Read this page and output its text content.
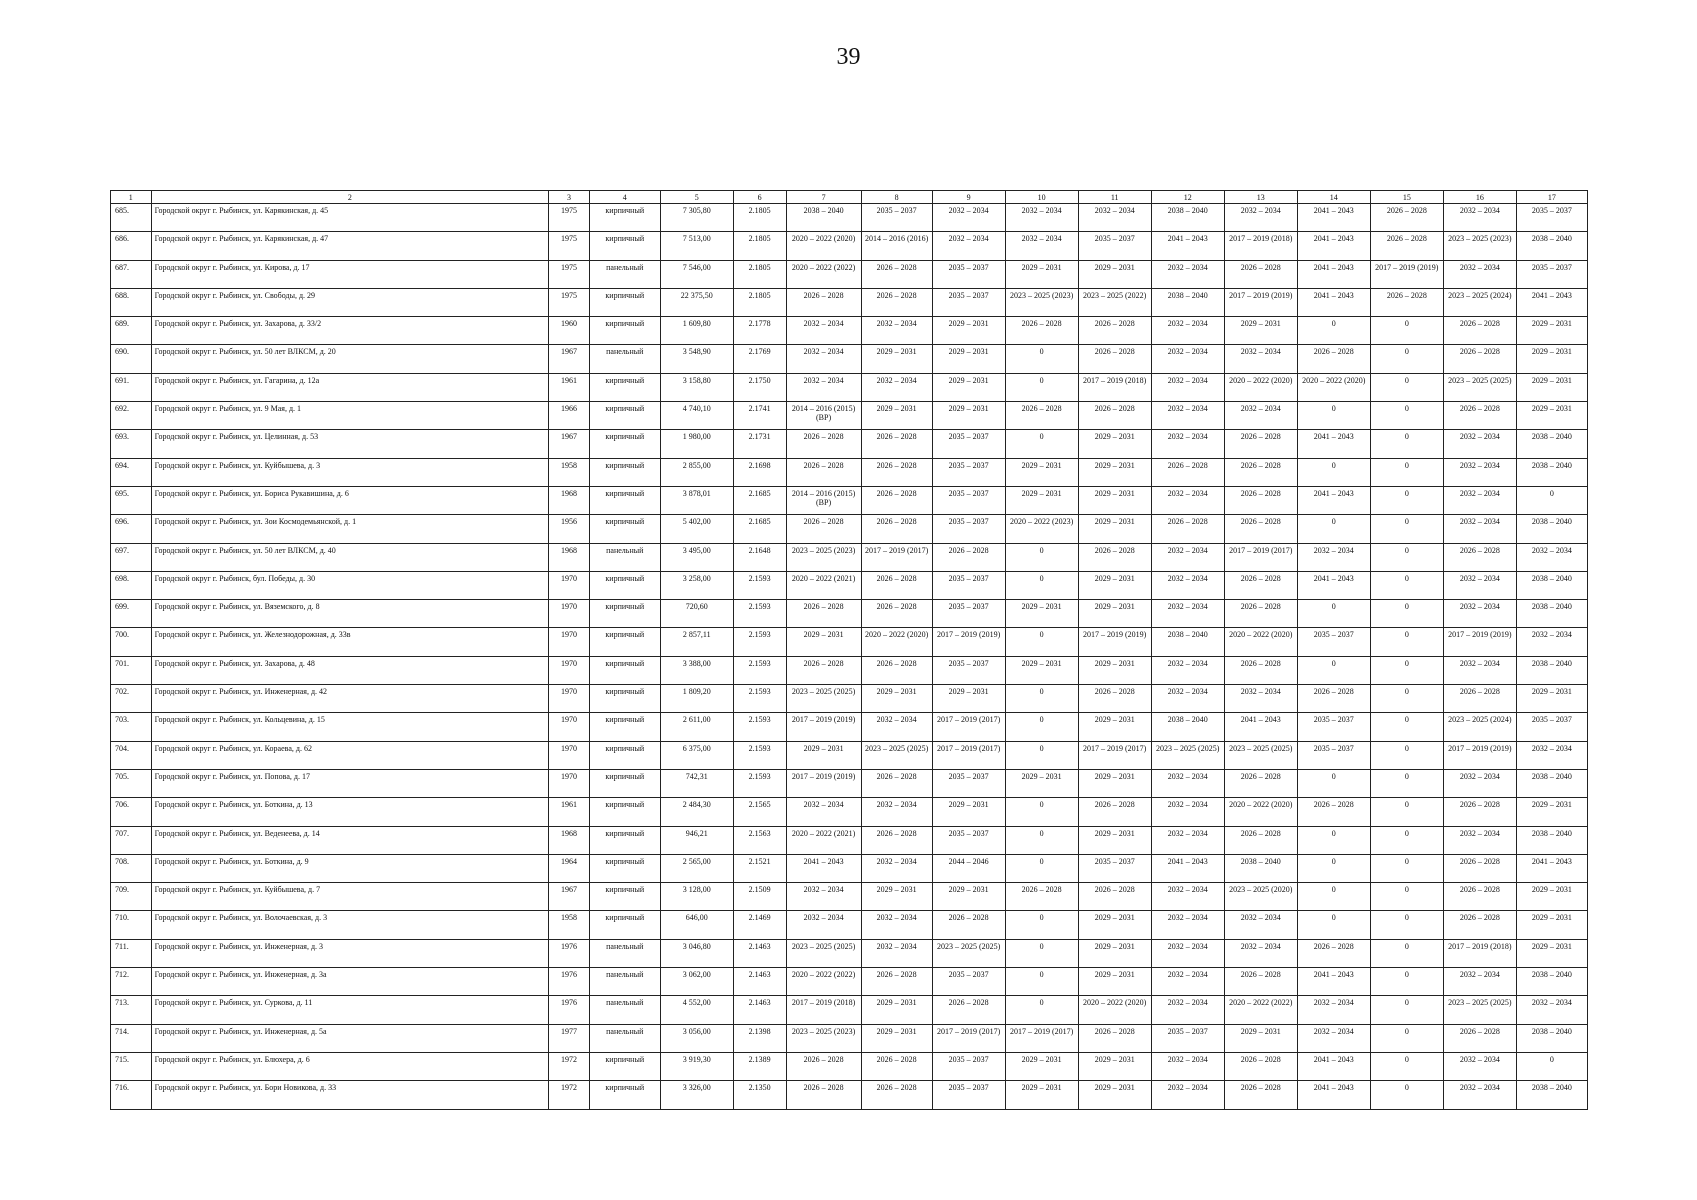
39
1	2	3	4	5	6	7	8	9	10	11	12	13	14	15	16	17
685.	Городской округ г. Рыбинск, ул. Карякинская, д. 45	1975	кирпичный	7 305,80	2.1805	2038 – 2040	2035 – 2037	2032 – 2034	2032 – 2034	2032 – 2034	2038 – 2040	2032 – 2034	2041 – 2043	2026 – 2028	2032 – 2034	2035 – 2037
686.	Городской округ г. Рыбинск, ул. Карякинская, д. 47	1975	кирпичный	7 513,00	2.1805	2020 – 2022 (2020)	2014 – 2016 (2016)	2032 – 2034	2032 – 2034	2035 – 2037	2041 – 2043	2017 – 2019 (2018)	2041 – 2043	2026 – 2028	2023 – 2025 (2023)	2038 – 2040
687.	Городской округ г. Рыбинск, ул. Кирова, д. 17	1975	панельный	7 546,00	2.1805	2020 – 2022 (2022)	2026 – 2028	2035 – 2037	2029 – 2031	2029 – 2031	2032 – 2034	2026 – 2028	2041 – 2043	2017 – 2019 (2019)	2032 – 2034	2035 – 2037
688.	Городской округ г. Рыбинск, ул. Свободы, д. 29	1975	кирпичный	22 375,50	2.1805	2026 – 2028	2026 – 2028	2035 – 2037	2023 – 2025 (2023)	2023 – 2025 (2022)	2038 – 2040	2017 – 2019 (2019)	2041 – 2043	2026 – 2028	2023 – 2025 (2024)	2041 – 2043
689.	Городской округ г. Рыбинск, ул. Захарова, д. 33/2	1960	кирпичный	1 609,80	2.1778	2032 – 2034	2032 – 2034	2029 – 2031	2026 – 2028	2026 – 2028	2032 – 2034	2029 – 2031	0	0	2026 – 2028	2029 – 2031
690.	Городской округ г. Рыбинск, ул. 50 лет ВЛКСМ, д. 20	1967	панельный	3 548,90	2.1769	2032 – 2034	2029 – 2031	2029 – 2031	0	2026 – 2028	2032 – 2034	2032 – 2034	2026 – 2028	0	2026 – 2028	2029 – 2031
691.	Городской округ г. Рыбинск, ул. Гагарина, д. 12а	1961	кирпичный	3 158,80	2.1750	2032 – 2034	2032 – 2034	2029 – 2031	0	2017 – 2019 (2018)	2032 – 2034	2020 – 2022 (2020)	2020 – 2022 (2020)	0	2023 – 2025 (2025)	2029 – 2031
692.	Городской округ г. Рыбинск, ул. 9 Мая, д. 1	1966	кирпичный	4 740,10	2.1741	2014 – 2016 (2015) (ВР)	2029 – 2031	2029 – 2031	2026 – 2028	2026 – 2028	2032 – 2034	2032 – 2034	0	0	2026 – 2028	2029 – 2031
693.	Городской округ г. Рыбинск, ул. Целинная, д. 53	1967	кирпичный	1 980,00	2.1731	2026 – 2028	2026 – 2028	2035 – 2037	0	2029 – 2031	2032 – 2034	2026 – 2028	2041 – 2043	0	2032 – 2034	2038 – 2040
694.	Городской округ г. Рыбинск, ул. Куйбышева, д. 3	1958	кирпичный	2 855,00	2.1698	2026 – 2028	2026 – 2028	2035 – 2037	2029 – 2031	2029 – 2031	2026 – 2028	2026 – 2028	0	0	2032 – 2034	2038 – 2040
695.	Городской округ г. Рыбинск, ул. Бориса Рукавишина, д. 6	1968	кирпичный	3 878,01	2.1685	2014 – 2016 (2015) (ВР)	2026 – 2028	2035 – 2037	2029 – 2031	2029 – 2031	2032 – 2034	2026 – 2028	2041 – 2043	0	2032 – 2034	0
696.	Городской округ г. Рыбинск, ул. Зои Космодемьянской, д. 1	1956	кирпичный	5 402,00	2.1685	2026 – 2028	2026 – 2028	2035 – 2037	2020 – 2022 (2023)	2029 – 2031	2026 – 2028	2026 – 2028	0	0	2032 – 2034	2038 – 2040
697.	Городской округ г. Рыбинск, ул. 50 лет ВЛКСМ, д. 40	1968	панельный	3 495,00	2.1648	2023 – 2025 (2023)	2017 – 2019 (2017)	2026 – 2028	0	2026 – 2028	2032 – 2034	2017 – 2019 (2017)	2032 – 2034	0	2026 – 2028	2032 – 2034
698.	Городской округ г. Рыбинск, бул. Победы, д. 30	1970	кирпичный	3 258,00	2.1593	2020 – 2022 (2021)	2026 – 2028	2035 – 2037	0	2029 – 2031	2032 – 2034	2026 – 2028	2041 – 2043	0	2032 – 2034	2038 – 2040
699.	Городской округ г. Рыбинск, ул. Вяземского, д. 8	1970	кирпичный	720,60	2.1593	2026 – 2028	2026 – 2028	2035 – 2037	2029 – 2031	2029 – 2031	2032 – 2034	2026 – 2028	0	0	2032 – 2034	2038 – 2040
700.	Городской округ г. Рыбинск, ул. Железнодорожная, д. 33в	1970	кирпичный	2 857,11	2.1593	2029 – 2031	2020 – 2022 (2020)	2017 – 2019 (2019)	0	2017 – 2019 (2019)	2038 – 2040	2020 – 2022 (2020)	2035 – 2037	0	2017 – 2019 (2019)	2032 – 2034
701.	Городской округ г. Рыбинск, ул. Захарова, д. 48	1970	кирпичный	3 388,00	2.1593	2026 – 2028	2026 – 2028	2035 – 2037	2029 – 2031	2029 – 2031	2032 – 2034	2026 – 2028	0	0	2032 – 2034	2038 – 2040
702.	Городской округ г. Рыбинск, ул. Инженерная, д. 42	1970	кирпичный	1 809,20	2.1593	2023 – 2025 (2025)	2029 – 2031	2029 – 2031	0	2026 – 2028	2032 – 2034	2032 – 2034	2026 – 2028	0	2026 – 2028	2029 – 2031
703.	Городской округ г. Рыбинск, ул. Кольцевина, д. 15	1970	кирпичный	2 611,00	2.1593	2017 – 2019 (2019)	2032 – 2034	2017 – 2019 (2017)	0	2029 – 2031	2038 – 2040	2041 – 2043	2035 – 2037	0	2023 – 2025 (2024)	2035 – 2037
704.	Городской округ г. Рыбинск, ул. Кораева, д. 62	1970	кирпичный	6 375,00	2.1593	2029 – 2031	2023 – 2025 (2025)	2017 – 2019 (2017)	0	2017 – 2019 (2017)	2023 – 2025 (2025)	2023 – 2025 (2025)	2035 – 2037	0	2017 – 2019 (2019)	2032 – 2034
705.	Городской округ г. Рыбинск, ул. Попова, д. 17	1970	кирпичный	742,31	2.1593	2017 – 2019 (2019)	2026 – 2028	2035 – 2037	2029 – 2031	2029 – 2031	2032 – 2034	2026 – 2028	0	0	2032 – 2034	2038 – 2040
706.	Городской округ г. Рыбинск, ул. Боткина, д. 13	1961	кирпичный	2 484,30	2.1565	2032 – 2034	2032 – 2034	2029 – 2031	0	2026 – 2028	2032 – 2034	2020 – 2022 (2020)	2026 – 2028	0	2026 – 2028	2029 – 2031
707.	Городской округ г. Рыбинск, ул. Веденеева, д. 14	1968	кирпичный	946,21	2.1563	2020 – 2022 (2021)	2026 – 2028	2035 – 2037	0	2029 – 2031	2032 – 2034	2026 – 2028	0	0	2032 – 2034	2038 – 2040
708.	Городской округ г. Рыбинск, ул. Боткина, д. 9	1964	кирпичный	2 565,00	2.1521	2041 – 2043	2032 – 2034	2044 – 2046	0	2035 – 2037	2041 – 2043	2038 – 2040	0	0	2026 – 2028	2041 – 2043
709.	Городской округ г. Рыбинск, ул. Куйбышева, д. 7	1967	кирпичный	3 128,00	2.1509	2032 – 2034	2029 – 2031	2029 – 2031	2026 – 2028	2026 – 2028	2032 – 2034	2023 – 2025 (2020)	0	0	2026 – 2028	2029 – 2031
710.	Городской округ г. Рыбинск, ул. Волочаевская, д. 3	1958	кирпичный	646,00	2.1469	2032 – 2034	2032 – 2034	2026 – 2028	0	2029 – 2031	2032 – 2034	2032 – 2034	0	0	2026 – 2028	2029 – 2031
711.	Городской округ г. Рыбинск, ул. Инженерная, д. 3	1976	панельный	3 046,80	2.1463	2023 – 2025 (2025)	2032 – 2034	2023 – 2025 (2025)	0	2029 – 2031	2032 – 2034	2032 – 2034	2026 – 2028	0	2017 – 2019 (2018)	2029 – 2031
712.	Городской округ г. Рыбинск, ул. Инженерная, д. 3а	1976	панельный	3 062,00	2.1463	2020 – 2022 (2022)	2026 – 2028	2035 – 2037	0	2029 – 2031	2032 – 2034	2026 – 2028	2041 – 2043	0	2032 – 2034	2038 – 2040
713.	Городской округ г. Рыбинск, ул. Суркова, д. 11	1976	панельный	4 552,00	2.1463	2017 – 2019 (2018)	2029 – 2031	2026 – 2028	0	2020 – 2022 (2020)	2032 – 2034	2020 – 2022 (2022)	2032 – 2034	0	2023 – 2025 (2025)	2032 – 2034
714.	Городской округ г. Рыбинск, ул. Инженерная, д. 5а	1977	панельный	3 056,00	2.1398	2023 – 2025 (2023)	2029 – 2031	2017 – 2019 (2017)	2017 – 2019 (2017)	2026 – 2028	2035 – 2037	2029 – 2031	2032 – 2034	0	2026 – 2028	2038 – 2040
715.	Городской округ г. Рыбинск, ул. Блюхера, д. 6	1972	кирпичный	3 919,30	2.1389	2026 – 2028	2026 – 2028	2035 – 2037	2029 – 2031	2029 – 2031	2032 – 2034	2026 – 2028	2041 – 2043	0	2032 – 2034	0
716.	Городской округ г. Рыбинск, ул. Бори Новикова, д. 33	1972	кирпичный	3 326,00	2.1350	2026 – 2028	2026 – 2028	2035 – 2037	2029 – 2031	2029 – 2031	2032 – 2034	2026 – 2028	2041 – 2043	0	2032 – 2034	2038 – 2040
